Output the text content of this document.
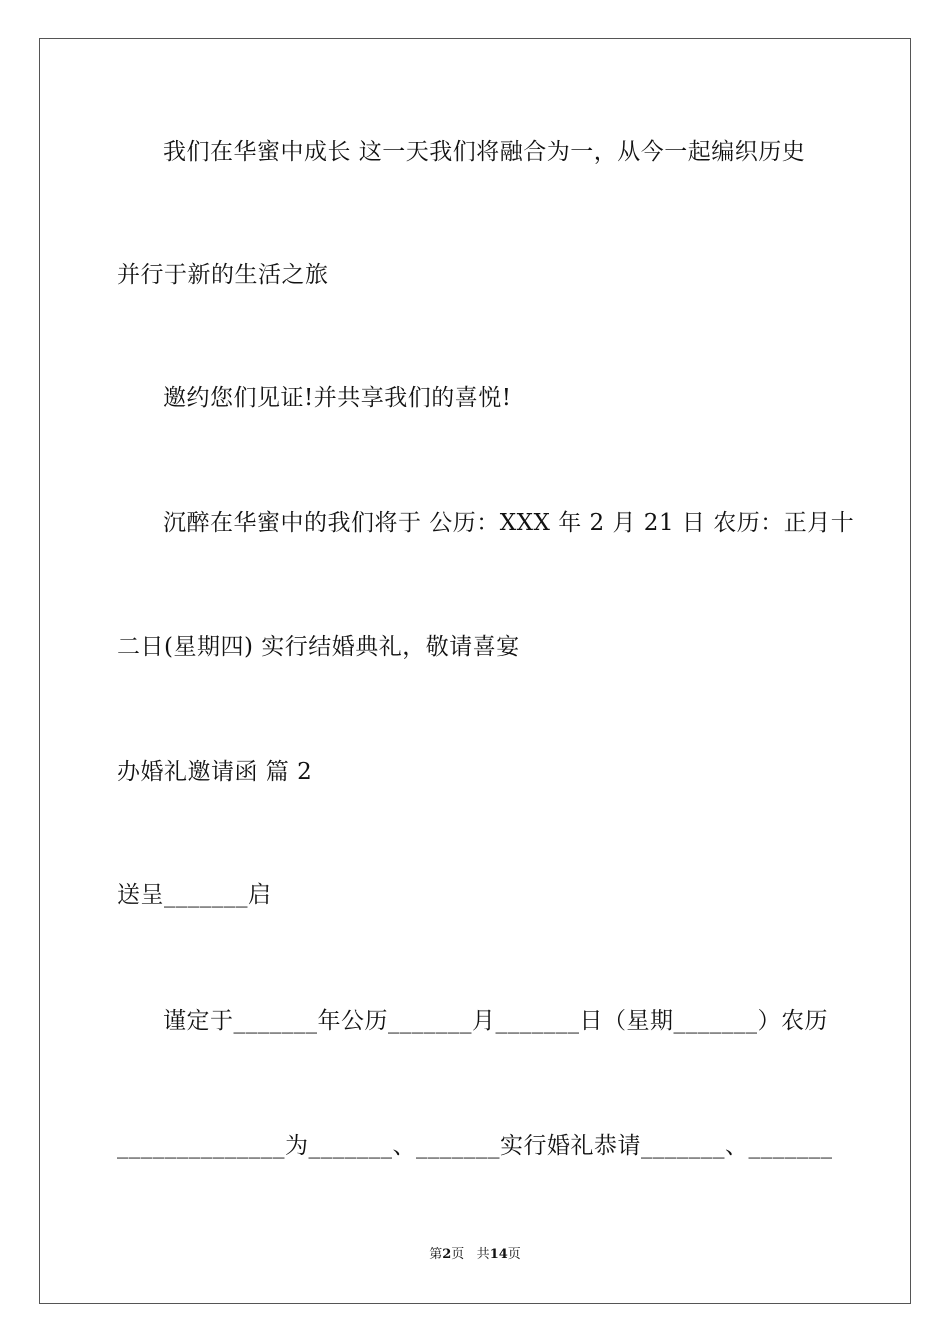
我们在华蜜中成长 这一天我们将融合为一，从今一起编织历史
并行于新的生活之旅
邀约您们见证!并共享我们的喜悦!
沉醉在华蜜中的我们将于 公历：XXX 年 2 月 21 日 农历：正月十
二日(星期四) 实行结婚典礼，敬请喜宴
办婚礼邀请函 篇 2
送呈_______启
谨定于_______年公历_______月_______日（星期_______）农历
______________为_______、_______实行婚礼恭请_______、_______
第2页 共14页
